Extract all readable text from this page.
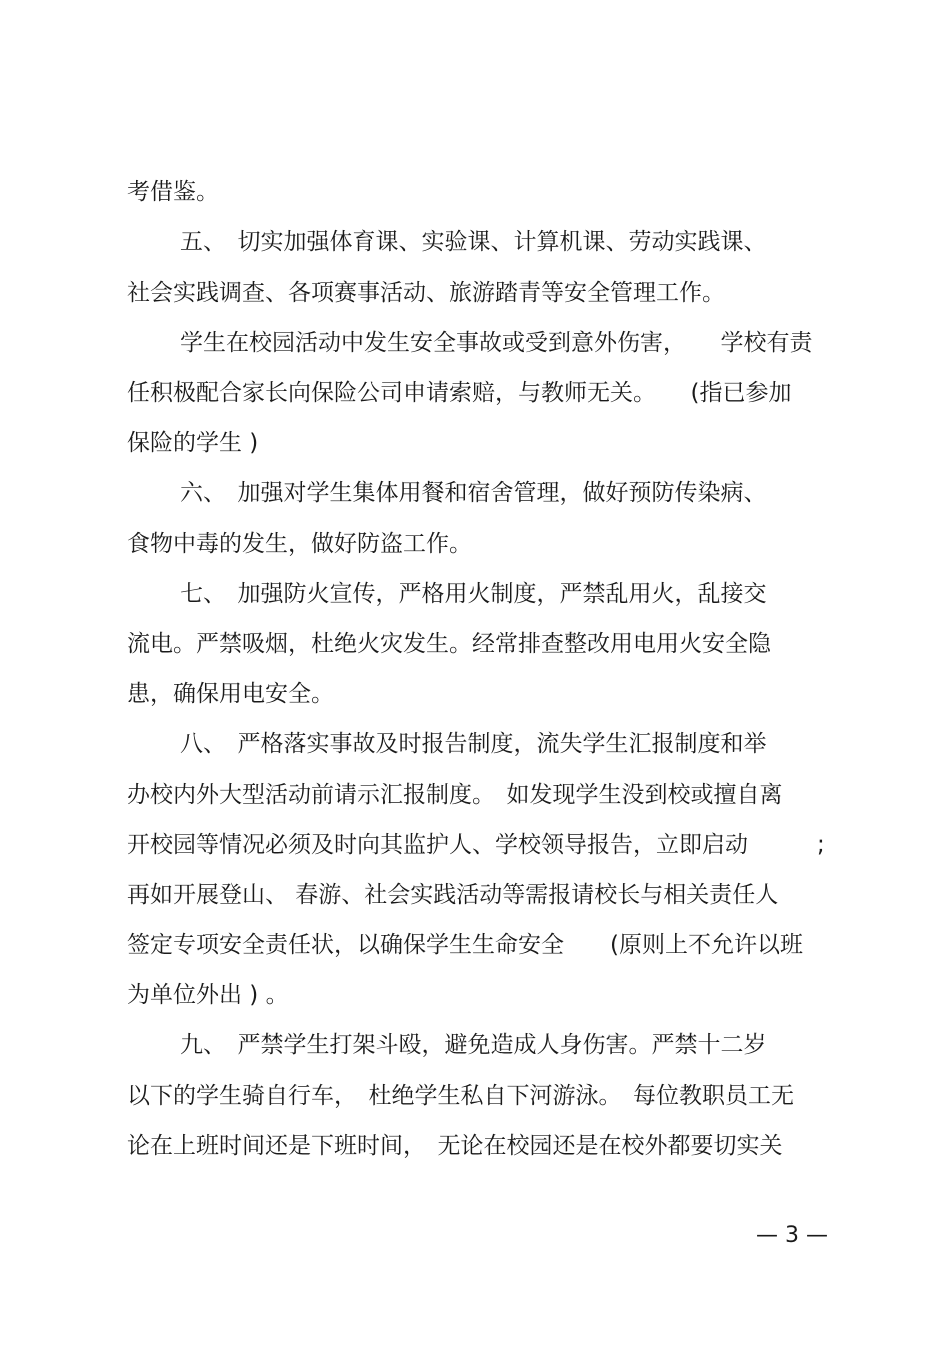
考借鉴。
五、　切实加强体育课、实验课、计算机课、劳动实践课、
社会实践调查、各项赛事活动、旅游踏青等安全管理工作。
学生在校园活动中发生安全事故或受到意外伤害，　　学校有责
任积极配合家长向保险公司申请索赔，与教师无关。　　(指已参加
保险的学生 )
六、　加强对学生集体用餐和宿舍管理，做好预防传染病、
食物中毒的发生，做好防盗工作。
七、　加强防火宣传，严格用火制度，严禁乱用火，乱接交
流电。严禁吸烟，杜绝火灾发生。经常排查整改用电用火安全隐
患，确保用电安全。
八、　严格落实事故及时报告制度，流失学生汇报制度和举
办校内外大型活动前请示汇报制度。　如发现学生没到校或擅自离
开校园等情况必须及时向其监护人、学校领导报告，立即启动　　　;
再如开展登山、 春游、社会实践活动等需报请校长与相关责任人
签定专项安全责任状，以确保学生生命安全　　(原则上不允许以班
为单位外出 ) 。
九、　严禁学生打架斗殴，避免造成人身伤害。严禁十二岁
以下的学生骑自行车，　杜绝学生私自下河游泳。　每位教职员工无
论在上班时间还是下班时间，　无论在校园还是在校外都要切实关
— 3 —
